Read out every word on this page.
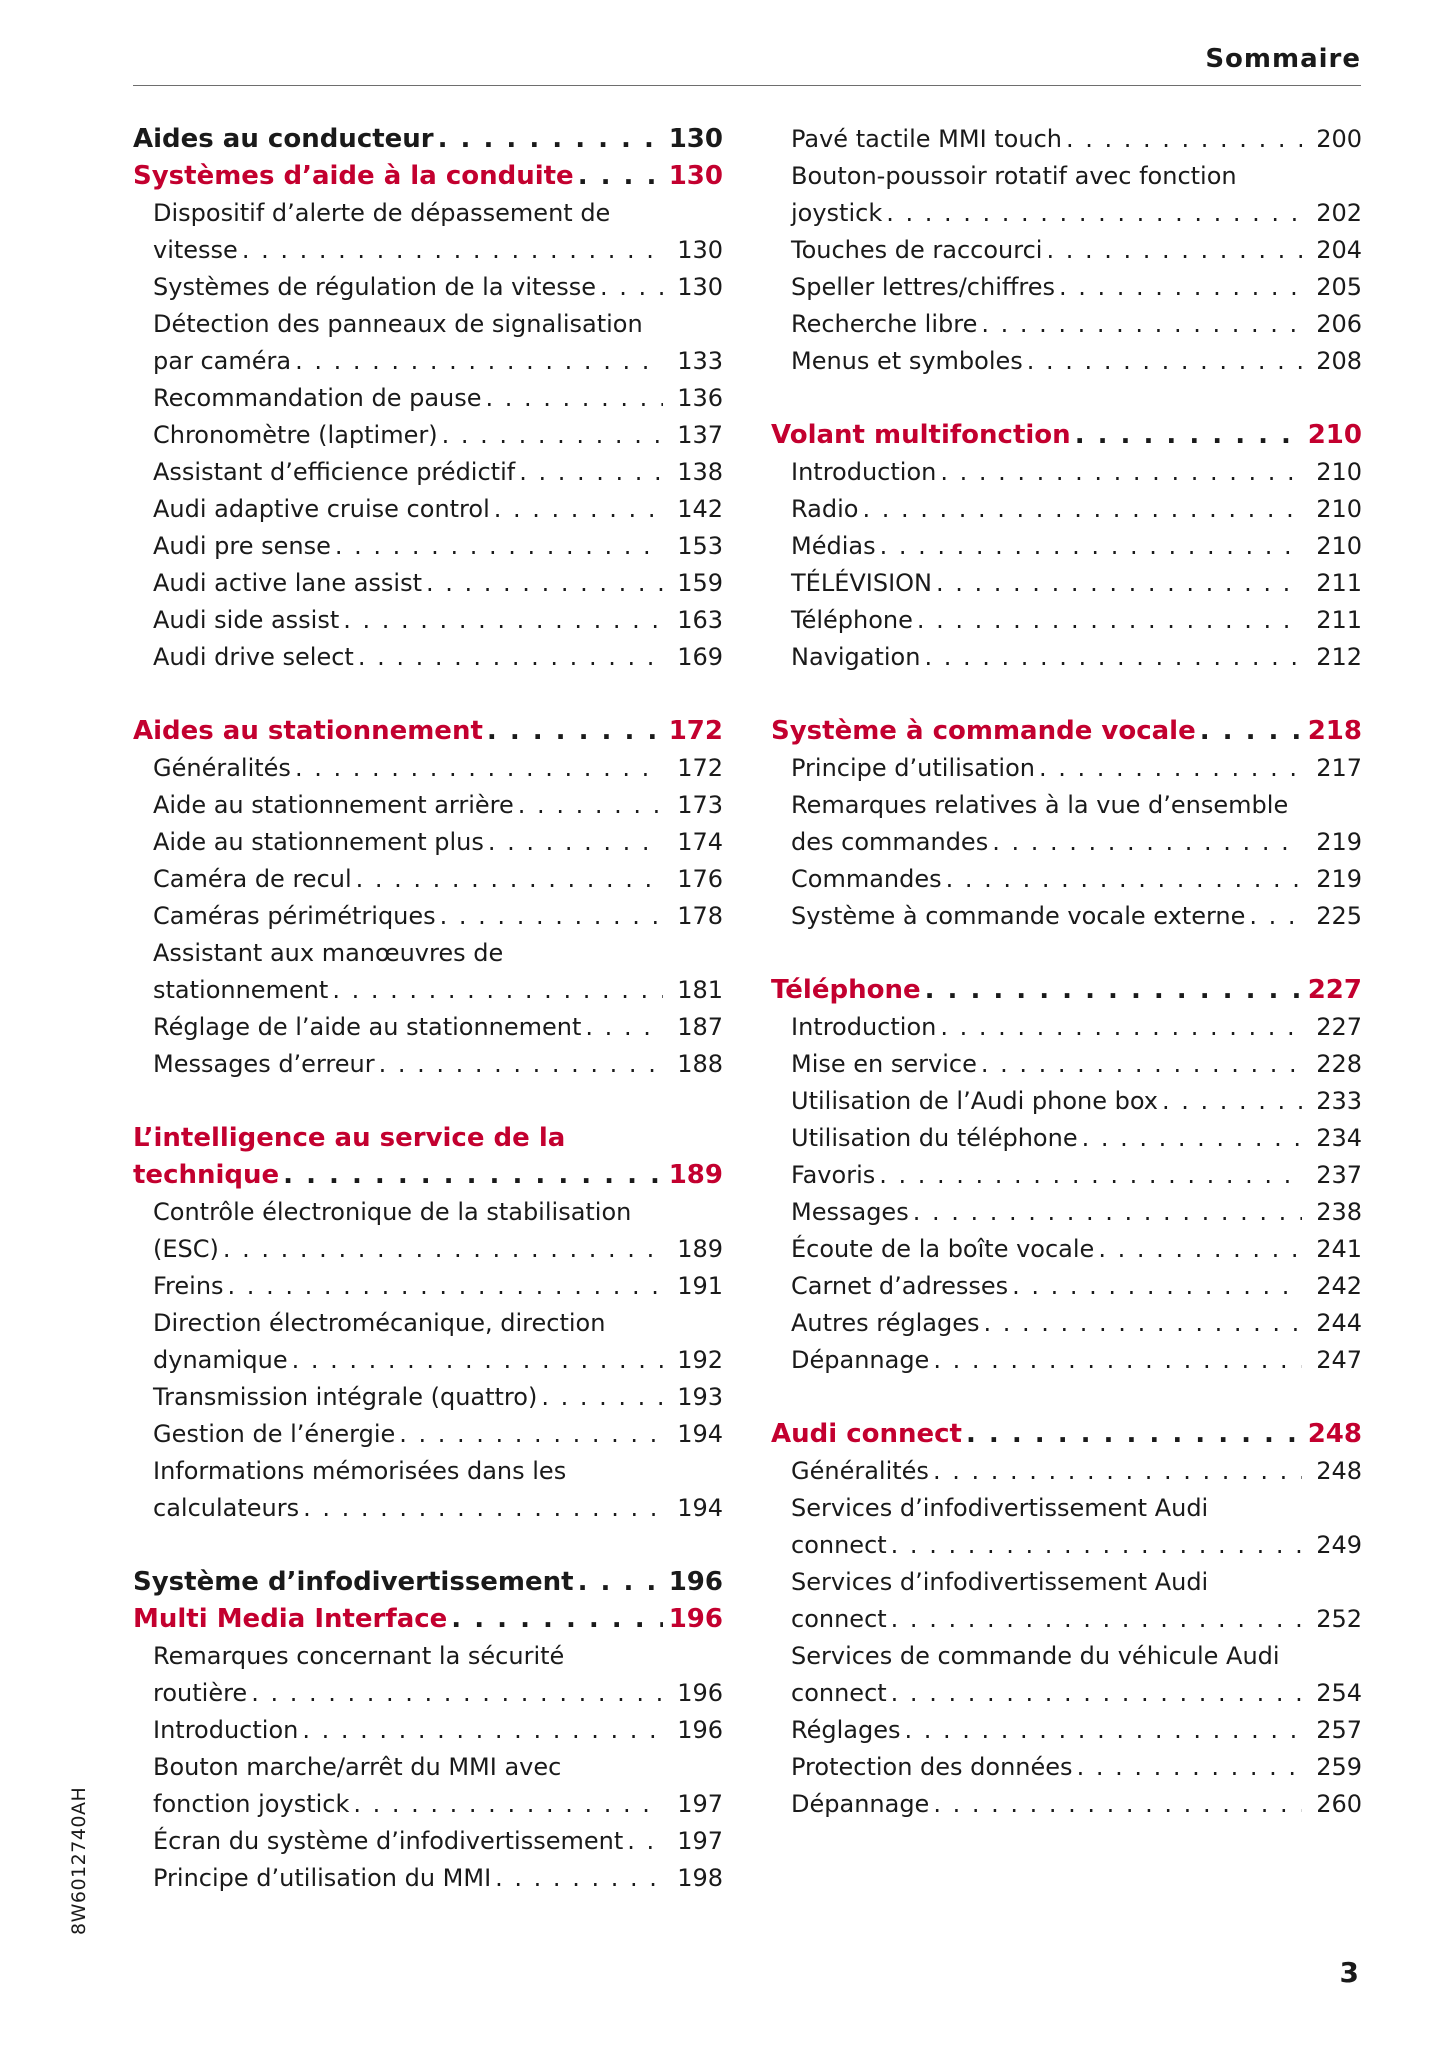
Sommaire
Aides au conducteur . . .	130
Systèmes d’aide à la conduite . . .	130
Dispositif d’alerte de dépassement de
vitesse . . .	130
Systèmes de régulation de la vitesse . . .	130
Détection des panneaux de signalisation
par caméra . . .	133
Recommandation de pause . . .	136
Chronomètre (laptimer) . . .	137
Assistant d’efficience prédictif . . .	138
Audi adaptive cruise control . . .	142
Audi pre sense . . .	153
Audi active lane assist . . .	159
Audi side assist . . .	163
Audi drive select . . .	169
Aides au stationnement . . .	172
Généralités . . .	172
Aide au stationnement arrière . . .	173
Aide au stationnement plus . . .	174
Caméra de recul . . .	176
Caméras périmétriques . . .	178
Assistant aux manœuvres de
stationnement . . .	181
Réglage de l’aide au stationnement . . .	187
Messages d’erreur . . .	188
L’intelligence au service de la
technique . . .	189
Contrôle électronique de la stabilisation
(ESC) . . .	189
Freins . . .	191
Direction électromécanique, direction
dynamique . . .	192
Transmission intégrale (quattro) . . .	193
Gestion de l’énergie . . .	194
Informations mémorisées dans les
calculateurs . . .	194
Système d’infodivertissement . . .	196
Multi Media Interface . . .	196
Remarques concernant la sécurité
routière . . .	196
Introduction . . .	196
Bouton marche/arrêt du MMI avec
fonction joystick . . .	197
Écran du système d’infodivertissement . . .	197
Principe d’utilisation du MMI . . .	198
Pavé tactile MMI touch . . .	200
Bouton-poussoir rotatif avec fonction
joystick . . .	202
Touches de raccourci . . .	204
Speller lettres/chiffres . . .	205
Recherche libre . . .	206
Menus et symboles . . .	208
Volant multifonction . . .	210
Introduction . . .	210
Radio . . .	210
Médias . . .	210
TÉLÉVISION . . .	211
Téléphone . . .	211
Navigation . . .	212
Système à commande vocale . . .	218
Principe d’utilisation . . .	217
Remarques relatives à la vue d’ensemble
des commandes . . .	219
Commandes . . .	219
Système à commande vocale externe . . .	225
Téléphone . . .	227
Introduction . . .	227
Mise en service . . .	228
Utilisation de l’Audi phone box . . .	233
Utilisation du téléphone . . .	234
Favoris . . .	237
Messages . . .	238
Écoute de la boîte vocale . . .	241
Carnet d’adresses . . .	242
Autres réglages . . .	244
Dépannage . . .	247
Audi connect . . .	248
Généralités . . .	248
Services d’infodivertissement Audi
connect . . .	249
Services d’infodivertissement Audi
connect . . .	252
Services de commande du véhicule Audi
connect . . .	254
Réglages . . .	257
Protection des données . . .	259
Dépannage . . .	260
8W6012740AH
3
